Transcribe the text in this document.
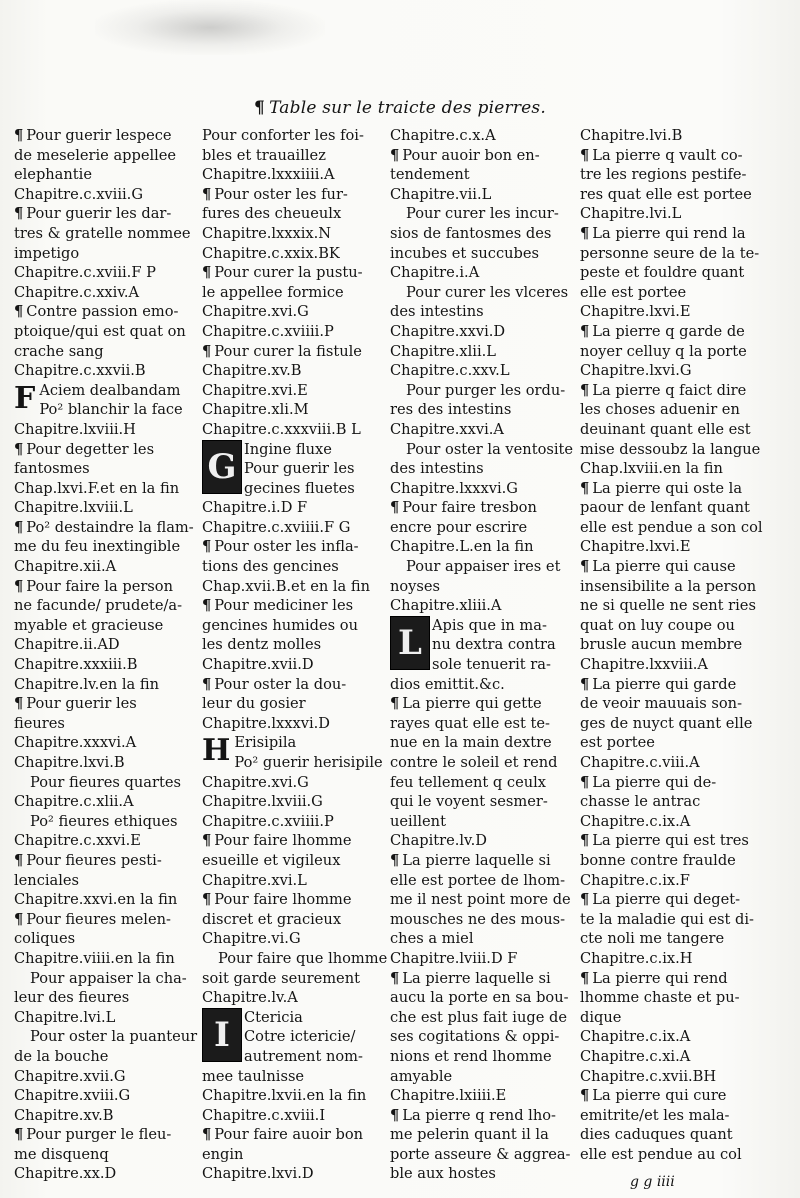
¶ Table sur le traicte des pierres.
¶ Pour guerir lespece
de meselerie appellee
elephantie
Chapitre.c.xviii.G
¶ Pour guerir les dar-
tres & gratelle nommee
impetigo
Chapitre.c.xviii.F P
Chapitre.c.xxiv.A
¶ Contre passion emo-
ptoique/qui est quat on
crache sang
Chapitre.c.xxvii.B
F Aciem dealbandam
Po² blanchir la face
Chapitre.lxviii.H
¶ Pour degetter les
fantosmes
Chap.lxvi.F.et en la fin
Chapitre.lxviii.L
¶ Po² destaindre la flam-
me du feu inextingible
Chapitre.xii.A
¶ Pour faire la person
ne facunde/ prudete/a-
myable et gracieuse
Chapitre.ii.AD
Chapitre.xxxiii.B
Chapitre.lv.en la fin
¶ Pour guerir les
fieures
Chapitre.xxxvi.A
Chapitre.lxvi.B
Pour fieures quartes
Chapitre.c.xlii.A
Po² fieures ethiques
Chapitre.c.xxvi.E
¶ Pour fieures pesti-
lenciales
Chapitre.xxvi.en la fin
¶ Pour fieures melen-
coliques
Chapitre.viiii.en la fin
Pour appaiser la cha-
leur des fieures
Chapitre.lvi.L
Pour oster la puanteur
de la bouche
Chapitre.xvii.G
Chapitre.xviii.G
Chapitre.xv.B
¶ Pour purger le fleu-
me disquenq
Chapitre.xx.D
Pour conforter les foi-
bles et trauaillez
Chapitre.lxxxiiii.A
¶ Pour oster les fur-
fures des cheueulx
Chapitre.lxxxix.N
Chapitre.c.xxix.BK
¶ Pour curer la pustu-
le appellee formice
Chapitre.xvi.G
Chapitre.c.xviiii.P
¶ Pour curer la fistule
Chapitre.xv.B
Chapitre.xvi.E
Chapitre.xli.M
Chapitre.c.xxxviii.B L
G Ingine fluxe
Pour guerir les
gecines fluetes
Chapitre.i.D F
Chapitre.c.xviiii.F G
¶ Pour oster les infla-
tions des gencines
Chap.xvii.B.et en la fin
¶ Pour mediciner les
gencines humides ou
les dentz molles
Chapitre.xvii.D
¶ Pour oster la dou-
leur du gosier
Chapitre.lxxxvi.D
H Erisipila
Po² guerir herisipile
Chapitre.xvi.G
Chapitre.lxviii.G
Chapitre.c.xviiii.P
¶ Pour faire lhomme
esueille et vigileux
Chapitre.xvi.L
¶ Pour faire lhomme
discret et gracieux
Chapitre.vi.G
Pour faire que lhomme
soit garde seurement
Chapitre.lv.A
I Ctericia
Cotre ictericie/
autrement nom-
mee taulnisse
Chapitre.lxvii.en la fin
Chapitre.c.xviii.I
¶ Pour faire auoir bon
engin
Chapitre.lxvi.D
Chapitre.c.x.A
¶ Pour auoir bon en-
tendement
Chapitre.vii.L
Pour curer les incur-
sios de fantosmes des
incubes et succubes
Chapitre.i.A
Pour curer les vlceres
des intestins
Chapitre.xxvi.D
Chapitre.xlii.L
Chapitre.c.xxv.L
Pour purger les ordu-
res des intestins
Chapitre.xxvi.A
Pour oster la ventosite
des intestins
Chapitre.lxxxvi.G
¶ Pour faire tresbon
encre pour escrire
Chapitre.L.en la fin
Pour appaiser ires et
noyses
Chapitre.xliii.A
L Apis que in ma-
nu dextra contra
sole tenuerit ra-
dios emittit.&c.
¶ La pierre qui gette
rayes quat elle est te-
nue en la main dextre
contre le soleil et rend
feu tellement q ceulx
qui le voyent sesmer-
ueillent
Chapitre.lv.D
¶ La pierre laquelle si
elle est portee de lhom-
me il nest point more de
mousches ne des mous-
ches a miel
Chapitre.lviii.D F
¶ La pierre laquelle si
aucu la porte en sa bou-
che est plus fait iuge de
ses cogitations & oppi-
nions et rend lhomme
amyable
Chapitre.lxiiii.E
¶ La pierre q rend lho-
me pelerin quant il la
porte asseure & aggrea-
ble aux hostes
Chapitre.lvi.B
¶ La pierre q vault co-
tre les regions pestife-
res quat elle est portee
Chapitre.lvi.L
¶ La pierre qui rend la
personne seure de la te-
peste et fouldre quant
elle est portee
Chapitre.lxvi.E
¶ La pierre q garde de
noyer celluy q la porte
Chapitre.lxvi.G
¶ La pierre q faict dire
les choses aduenir en
deuinant quant elle est
mise dessoubz la langue
Chap.lxviii.en la fin
¶ La pierre qui oste la
paour de lenfant quant
elle est pendue a son col
Chapitre.lxvi.E
¶ La pierre qui cause
insensibilite a la person
ne si quelle ne sent ries
quat on luy coupe ou
brusle aucun membre
Chapitre.lxxviii.A
¶ La pierre qui garde
de veoir mauuais son-
ges de nuyct quant elle
est portee
Chapitre.c.viii.A
¶ La pierre qui de-
chasse le antrac
Chapitre.c.ix.A
¶ La pierre qui est tres
bonne contre fraulde
Chapitre.c.ix.F
¶ La pierre qui deget-
te la maladie qui est di-
cte noli me tangere
Chapitre.c.ix.H
¶ La pierre qui rend
lhomme chaste et pu-
dique
Chapitre.c.ix.A
Chapitre.c.xi.A
Chapitre.c.xvii.BH
¶ La pierre qui cure
emitrite/et les mala-
dies caduques quant
elle est pendue au col
g g iiii
